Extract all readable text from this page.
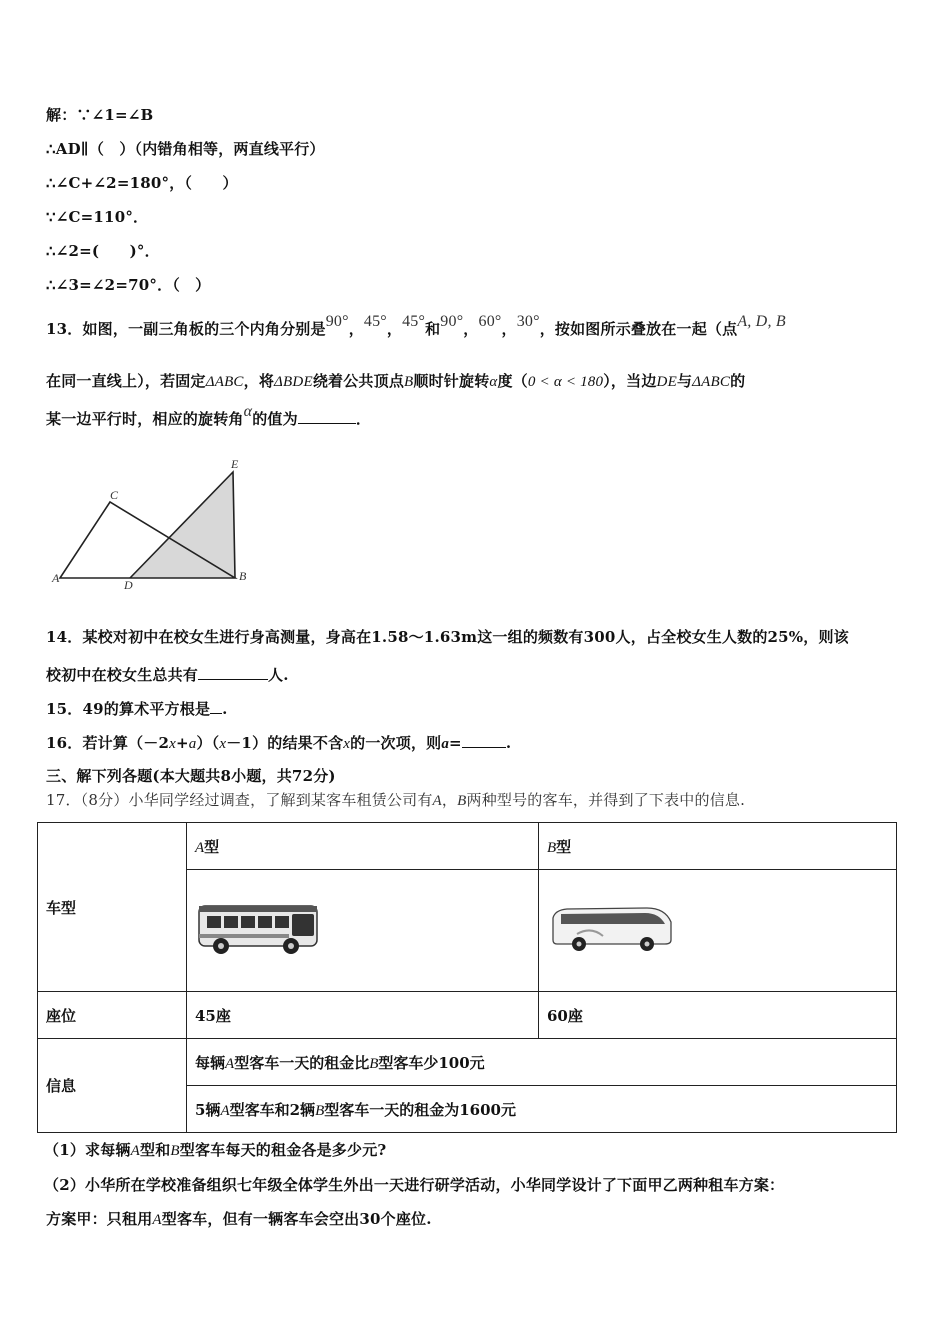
解：∵∠1=∠B
∴AD∥（　）（内错角相等，两直线平行）
∴∠C+∠2=180°，（　　）
∵∠C=110°．
∴∠2=(　　)°．
∴∠3=∠2=70°．（　）
13．如图，一副三角板的三个内角分别是90°，45°，45°和90°，60°，30°，按如图所示叠放在一起（点A, D, B
在同一直线上），若固定ΔABC，将ΔBDE绕着公共顶点B顺时针旋转α度（0 < α < 180），当边DE与ΔABC的
某一边平行时，相应的旋转角α的值为	．
C
E
A	D
B
14．某校对初中在校女生进行身高测量，身高在1.58～1.63m这一组的频数有300人，占全校女生人数的25%，则该
校初中在校女生总共有	人.
15．49的算术平方根是 .
16．若计算（－2x+a）（x－1）的结果不含x的一次项，则a=	.
三、解下列各题(本大题共8小题，共72分)
17．（8分）小华同学经过调查，了解到某客车租赁公司有A，B两种型号的客车，并得到了下表中的信息.
车型	A型	B型

座位	45座	60座
信息	每辆A型客车一天的租金比B型客车少100元	
	5辆A型客车和2辆B型客车一天的租金为1600元	
（1）求每辆A型和B型客车每天的租金各是多少元?
（2）小华所在学校准备组织七年级全体学生外出一天进行研学活动，小华同学设计了下面甲乙两种租车方案：
方案甲：只租用A型客车，但有一辆客车会空出30个座位.
